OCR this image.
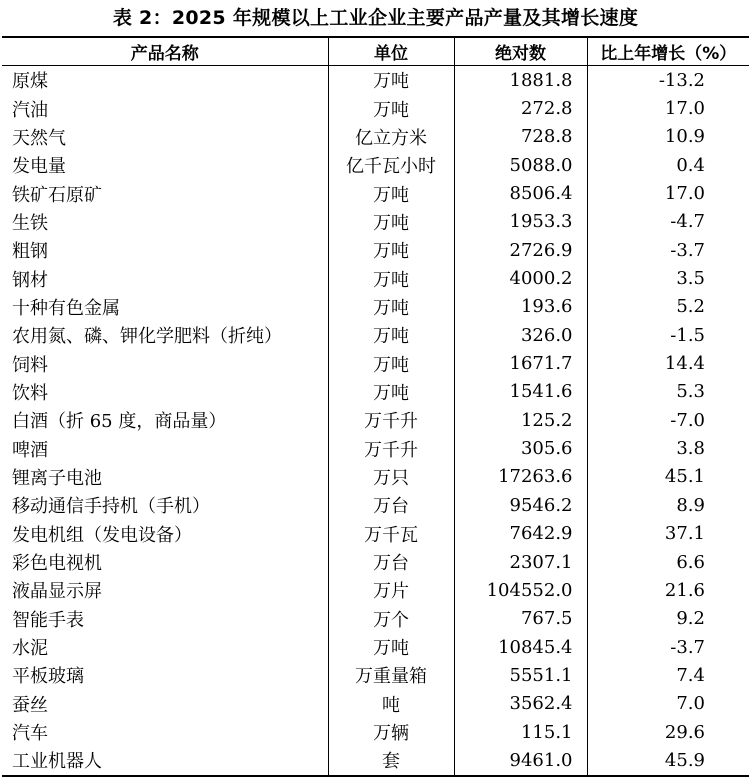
表 2：2025 年规模以上工业企业主要产品产量及其增长速度
产品名称	单位	绝对数	比上年增长（%）
原煤	万吨	1881.8	-13.2
汽油	万吨	272.8	17.0
天然气	亿立方米	728.8	10.9
发电量	亿千瓦小时	5088.0	0.4
铁矿石原矿	万吨	8506.4	17.0
生铁	万吨	1953.3	-4.7
粗钢	万吨	2726.9	-3.7
钢材	万吨	4000.2	3.5
十种有色金属	万吨	193.6	5.2
农用氮、磷、钾化学肥料（折纯）	万吨	326.0	-1.5
饲料	万吨	1671.7	14.4
饮料	万吨	1541.6	5.3
白酒（折 65 度，商品量）	万千升	125.2	-7.0
啤酒	万千升	305.6	3.8
锂离子电池	万只	17263.6	45.1
移动通信手持机（手机）	万台	9546.2	8.9
发电机组（发电设备）	万千瓦	7642.9	37.1
彩色电视机	万台	2307.1	6.6
液晶显示屏	万片	104552.0	21.6
智能手表	万个	767.5	9.2
水泥	万吨	10845.4	-3.7
平板玻璃	万重量箱	5551.1	7.4
蚕丝	吨	3562.4	7.0
汽车	万辆	115.1	29.6
工业机器人	套	9461.0	45.9
